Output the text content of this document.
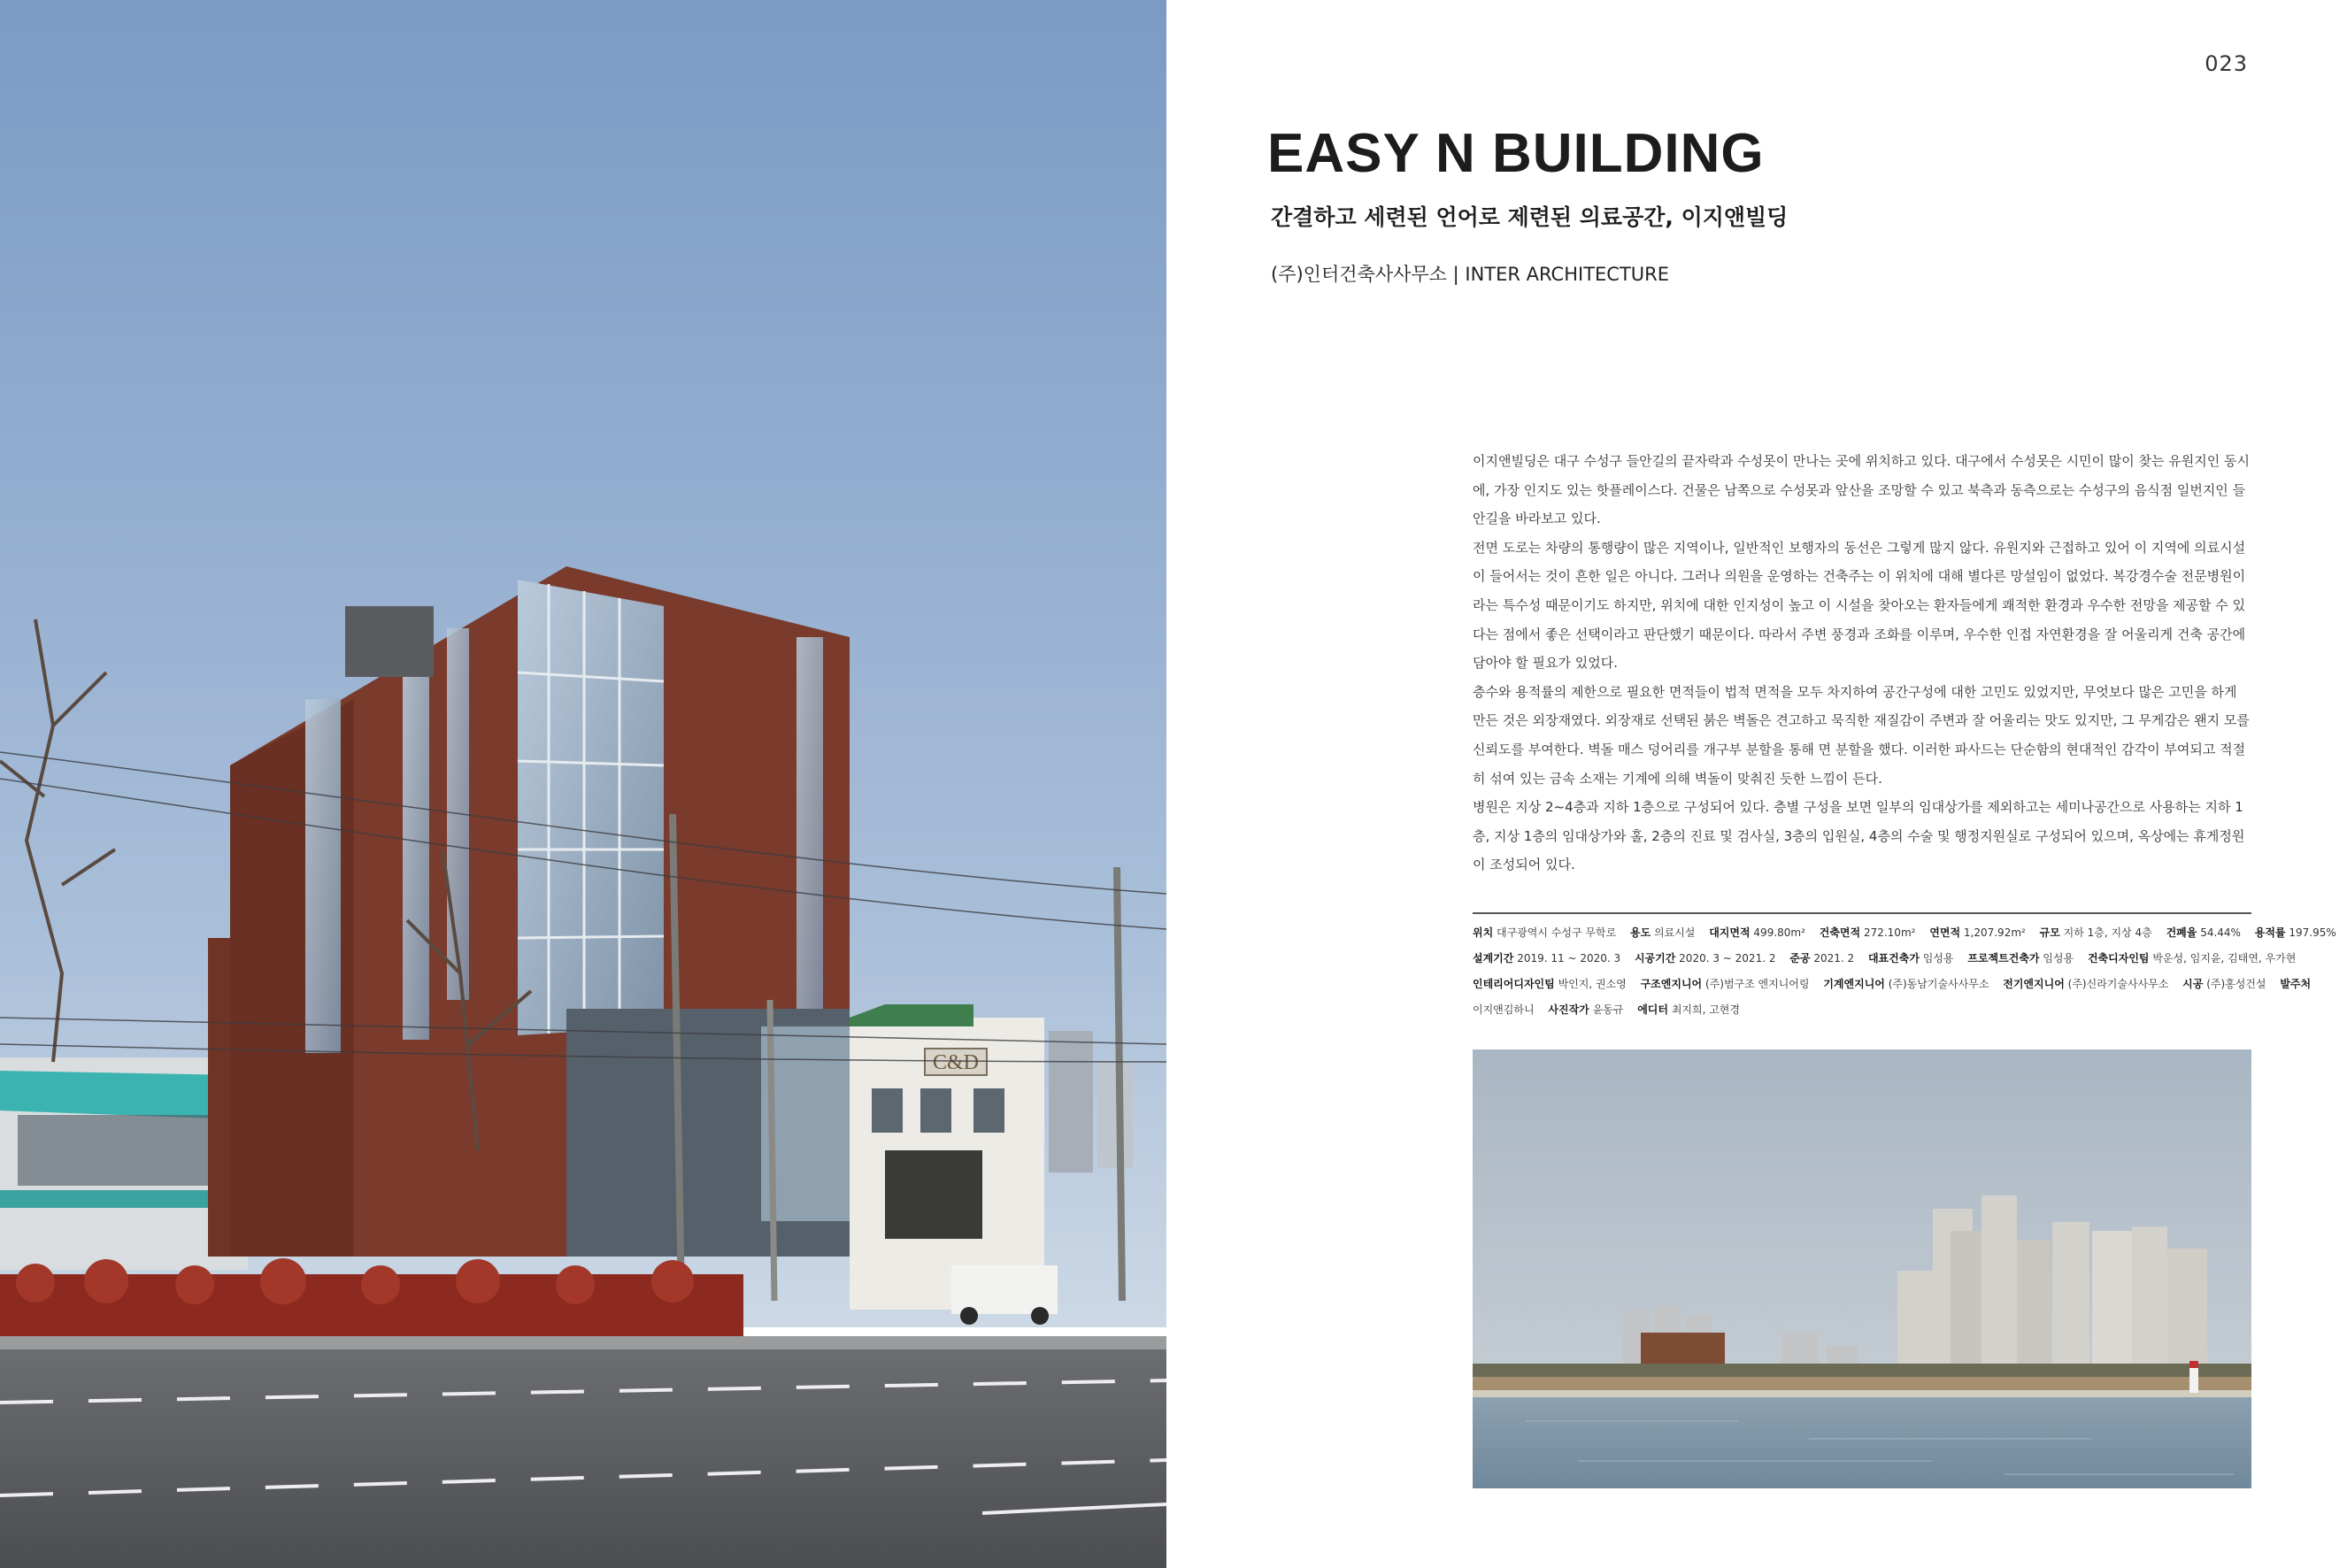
C&D
023
EASY N BUILDING
간결하고 세련된 언어로 제련된 의료공간, 이지앤빌딩
(주)인터건축사사무소 | INTER ARCHITECTURE

이지앤빌딩은 대구 수성구 들안길의 끝자락과 수성못이 만나는 곳에 위치하고 있다. 대구에서 수성못은 시민이 많이 찾는 유원지인 동시에, 가장 인지도 있는 핫플레이스다. 건물은 남쪽으로 수성못과 앞산을 조망할 수 있고 북측과 동측으로는 수성구의 음식점 일번지인 들안길을 바라보고 있다.

전면 도로는 차량의 통행량이 많은 지역이나, 일반적인 보행자의 동선은 그렇게 많지 않다. 유원지와 근접하고 있어 이 지역에 의료시설이 들어서는 것이 흔한 일은 아니다. 그러나 의원을 운영하는 건축주는 이 위치에 대해 별다른 망설임이 없었다. 복강경수술 전문병원이라는 특수성 때문이기도 하지만, 위치에 대한 인지성이 높고 이 시설을 찾아오는 환자들에게 쾌적한 환경과 우수한 전망을 제공할 수 있다는 점에서 좋은 선택이라고 판단했기 때문이다. 따라서 주변 풍경과 조화를 이루며, 우수한 인접 자연환경을 잘 어울리게 건축 공간에 담아야 할 필요가 있었다.

층수와 용적률의 제한으로 필요한 면적들이 법적 면적을 모두 차지하여 공간구성에 대한 고민도 있었지만, 무엇보다 많은 고민을 하게 만든 것은 외장재였다. 외장재로 선택된 붉은 벽돌은 견고하고 묵직한 재질감이 주변과 잘 어울리는 맛도 있지만, 그 무게감은 왠지 모를 신뢰도를 부여한다. 벽돌 매스 덩어리를 개구부 분할을 통해 면 분할을 했다. 이러한 파사드는 단순함의 현대적인 감각이 부여되고 적절히 섞여 있는 금속 소재는 기계에 의해 벽돌이 맞춰진 듯한 느낌이 든다.

병원은 지상 2~4층과 지하 1층으로 구성되어 있다. 층별 구성을 보면 일부의 임대상가를 제외하고는 세미나공간으로 사용하는 지하 1층, 지상 1층의 임대상가와 홀, 2층의 진료 및 검사실, 3층의 입원실, 4층의 수술 및 행정지원실로 구성되어 있으며, 옥상에는 휴게정원이 조성되어 있다.

위치 대구광역시 수성구 무학로 용도 의료시설 대지면적 499.80m² 건축면적 272.10m² 연면적 1,207.92m² 규모 지하 1층, 지상 4층 건폐율 54.44% 용적률 197.95%
설계기간 2019. 11 ~ 2020. 3 시공기간 2020. 3 ~ 2021. 2 준공 2021. 2 대표건축가 임성용 프로젝트건축가 임성용 건축디자인팀 박운성, 임지윤, 김태연, 우가현
인테리어디자인팀 박인지, 권소영 구조엔지니어 (주)범구조 엔지니어링 기계엔지니어 (주)동남기술사사무소 전기엔지니어 (주)신라기술사사무소 시공 (주)홍성건설 발주처
이지앤김하니 사진작가 윤동규 에디터 최지희, 고현경
